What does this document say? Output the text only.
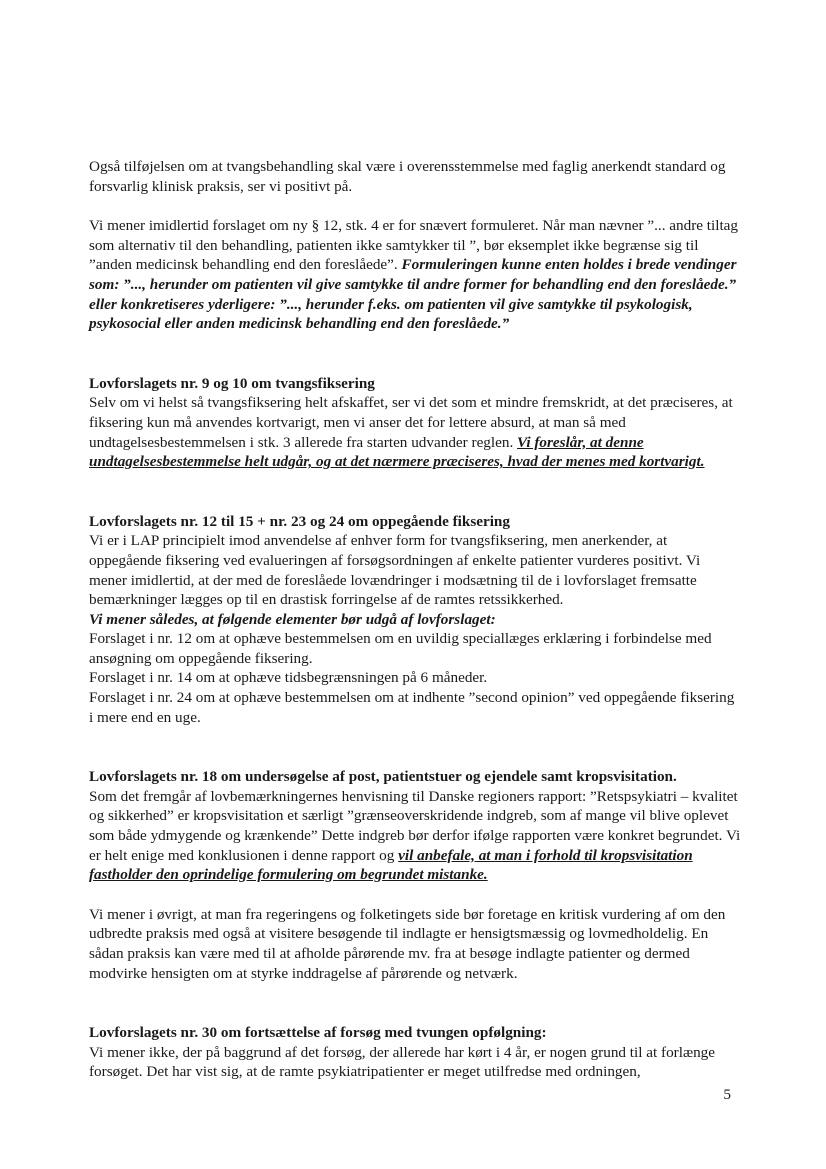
Også tilføjelsen om at tvangsbehandling skal være i overensstemmelse med faglig anerkendt standard og forsvarlig klinisk praksis, ser vi positivt på.

Vi mener imidlertid forslaget om ny § 12, stk. 4 er for snævert formuleret. Når man nævner ”... andre tiltag som alternativ til den behandling, patienten ikke samtykker til ”, bør eksemplet ikke begrænse sig til ”anden medicinsk behandling end den foreslåede”. Formuleringen kunne enten holdes i brede vendinger som: ”..., herunder om patienten vil give samtykke til andre former for behandling end den foreslåede.” eller konkretiseres yderligere: ”..., herunder f.eks. om patienten vil give samtykke til psykologisk, psykosocial eller anden medicinsk behandling end den foreslåede.”

Lovforslagets nr. 9 og 10 om tvangsfiksering

Selv om vi helst så tvangsfiksering helt afskaffet, ser vi det som et mindre fremskridt, at det præciseres, at fiksering kun må anvendes kortvarigt, men vi anser det for lettere absurd, at man så med undtagelsesbestemmelsen i stk. 3 allerede fra starten udvander reglen. Vi foreslår, at denne undtagelsesbestemmelse helt udgår, og at det nærmere præciseres, hvad der menes med kortvarigt.

Lovforslagets nr. 12 til 15 + nr. 23 og 24 om oppegående fiksering

Vi er i LAP principielt imod anvendelse af enhver form for tvangsfiksering, men anerkender, at oppegående fiksering ved evalueringen af forsøgsordningen af enkelte patienter vurderes positivt. Vi mener imidlertid, at der med de foreslåede lovændringer i modsætning til de i lovforslaget fremsatte bemærkninger lægges op til en drastisk forringelse af de ramtes retssikkerhed.

Vi mener således, at følgende elementer bør udgå af lovforslaget:

Forslaget i nr. 12 om at ophæve bestemmelsen om en uvildig speciallæges erklæring i forbindelse med ansøgning om oppegående fiksering.

Forslaget i nr. 14 om at ophæve tidsbegrænsningen på 6 måneder.

Forslaget i nr. 24 om at ophæve bestemmelsen om at indhente ”second opinion” ved oppegående fiksering i mere end en uge.

Lovforslagets nr. 18 om undersøgelse af post, patientstuer og ejendele samt kropsvisitation.

Som det fremgår af lovbemærkningernes henvisning til Danske regioners rapport: ”Retspsykiatri – kvalitet og sikkerhed” er kropsvisitation et særligt ”grænseoverskridende indgreb, som af mange vil blive oplevet som både ydmygende og krænkende” Dette indgreb bør derfor ifølge rapporten være konkret begrundet. Vi er helt enige med konklusionen i denne rapport og vil anbefale, at man i forhold til kropsvisitation fastholder den oprindelige formulering om begrundet mistanke.

Vi mener i øvrigt, at man fra regeringens og folketingets side bør foretage en kritisk vurdering af om den udbredte praksis med også at visitere besøgende til indlagte er hensigtsmæssig og lovmedholdelig. En sådan praksis kan være med til at afholde pårørende mv. fra at besøge indlagte patienter og dermed modvirke hensigten om at styrke inddragelse af pårørende og netværk.

Lovforslagets nr. 30 om fortsættelse af forsøg med tvungen opfølgning:

Vi mener ikke, der på baggrund af det forsøg, der allerede har kørt i 4 år, er nogen grund til at forlænge forsøget. Det har vist sig, at de ramte psykiatripatienter er meget utilfredse med ordningen,

5
